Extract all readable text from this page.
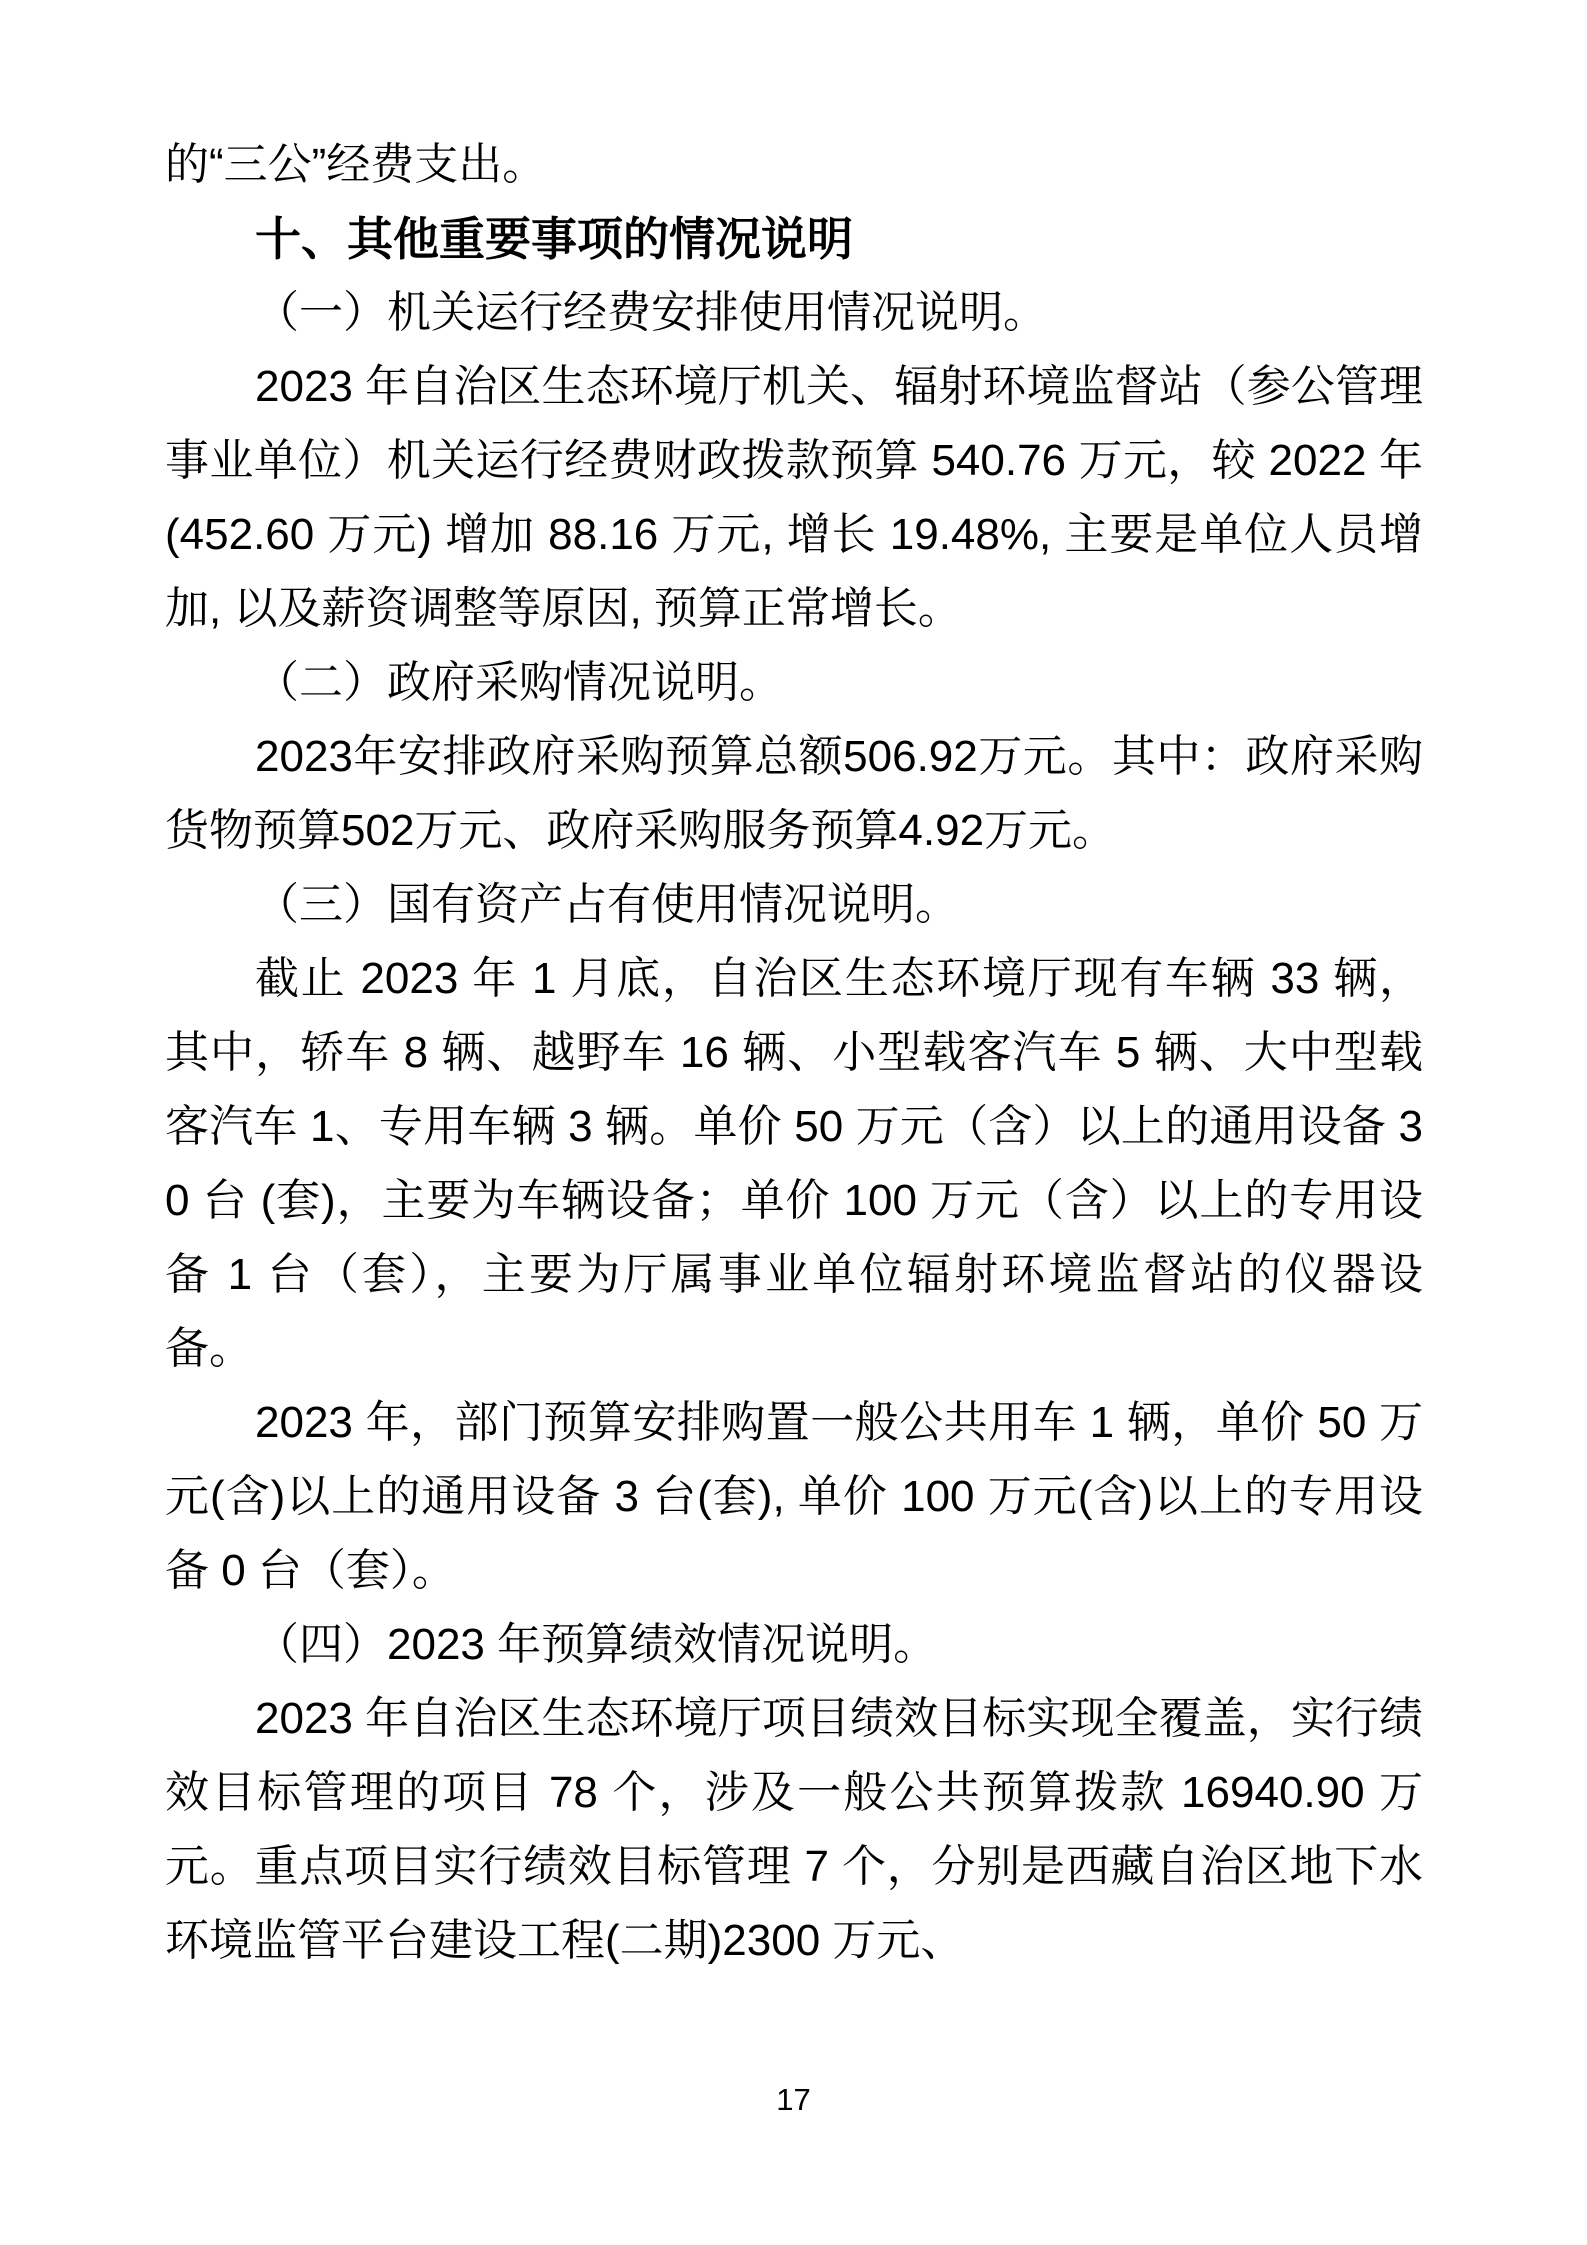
的“三公”经费支出。

十、其他重要事项的情况说明

（一）机关运行经费安排使用情况说明。

2023 年自治区生态环境厅机关、辐射环境监督站（参公管理事业单位）机关运行经费财政拨款预算 540.76 万元，较 2022 年 (452.60 万元) 增加 88.16 万元, 增长 19.48%, 主要是单位人员增加, 以及薪资调整等原因, 预算正常增长。

（二）政府采购情况说明。

2023年安排政府采购预算总额506.92万元。其中：政府采购货物预算502万元、政府采购服务预算4.92万元。

（三）国有资产占有使用情况说明。

截止 2023 年 1 月底，自治区生态环境厅现有车辆 33 辆，其中，轿车 8 辆、越野车 16 辆、小型载客汽车 5 辆、大中型载客汽车 1、专用车辆 3 辆。单价 50 万元（含）以上的通用设备 30 台 (套)，主要为车辆设备；单价 100 万元（含）以上的专用设备 1 台（套），主要为厅属事业单位辐射环境监督站的仪器设备。

2023 年，部门预算安排购置一般公共用车 1 辆，单价 50 万元(含)以上的通用设备 3 台(套), 单价 100 万元(含)以上的专用设备 0 台（套）。

（四）2023 年预算绩效情况说明。

2023 年自治区生态环境厅项目绩效目标实现全覆盖，实行绩效目标管理的项目 78 个，涉及一般公共预算拨款 16940.90 万元。重点项目实行绩效目标管理 7 个，分别是西藏自治区地下水环境监管平台建设工程(二期)2300 万元、

17
